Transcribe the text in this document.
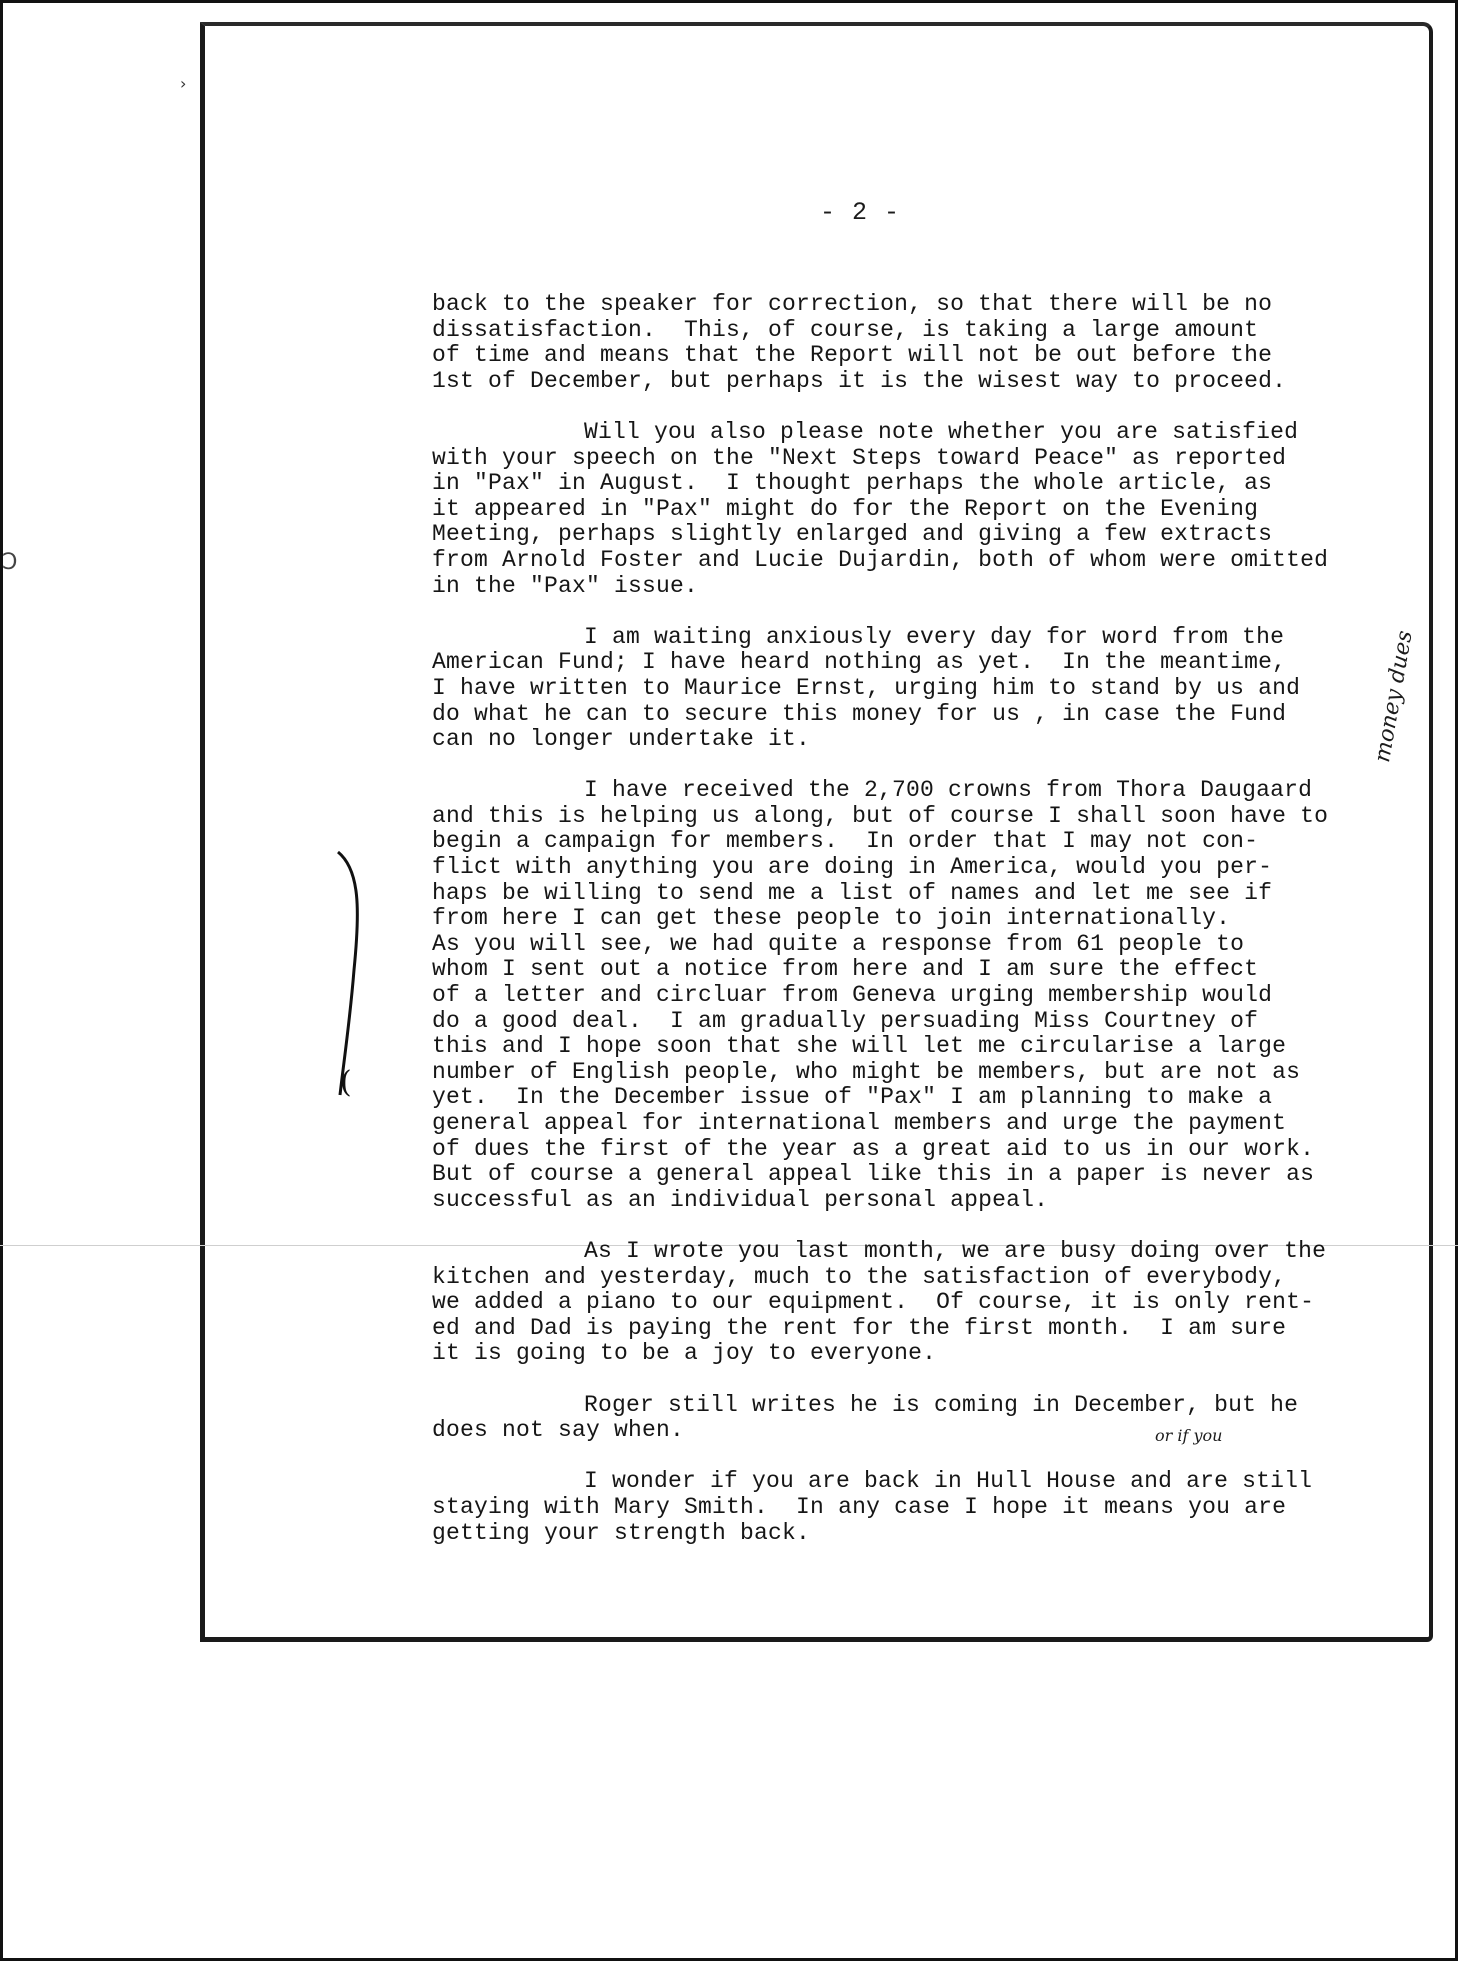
›
Ɔ
- 2 -
back to the speaker for correction, so that there will be no
dissatisfaction.  This, of course, is taking a large amount
of time and means that the Report will not be out before the
1st of December, but perhaps it is the wisest way to proceed.
Will you also please note whether you are satisfied
with your speech on the "Next Steps toward Peace" as reported
in "Pax" in August.  I thought perhaps the whole article, as
it appeared in "Pax" might do for the Report on the Evening
Meeting, perhaps slightly enlarged and giving a few extracts
from Arnold Foster and Lucie Dujardin, both of whom were omitted
in the "Pax" issue.
I am waiting anxiously every day for word from the
American Fund; I have heard nothing as yet.  In the meantime,
I have written to Maurice Ernst, urging him to stand by us and
do what he can to secure this money for us , in case the Fund
can no longer undertake it.
I have received the 2,700 crowns from Thora Daugaard
and this is helping us along, but of course I shall soon have to
begin a campaign for members.  In order that I may not con-
flict with anything you are doing in America, would you per-
haps be willing to send me a list of names and let me see if
from here I can get these people to join internationally.
As you will see, we had quite a response from 61 people to
whom I sent out a notice from here and I am sure the effect
of a letter and circluar from Geneva urging membership would
do a good deal.  I am gradually persuading Miss Courtney of
this and I hope soon that she will let me circularise a large
number of English people, who might be members, but are not as
yet.  In the December issue of "Pax" I am planning to make a
general appeal for international members and urge the payment
of dues the first of the year as a great aid to us in our work.
But of course a general appeal like this in a paper is never as
successful as an individual personal appeal.
As I wrote you last month, we are busy doing over the
kitchen and yesterday, much to the satisfaction of everybody,
we added a piano to our equipment.  Of course, it is only rent-
ed and Dad is paying the rent for the first month.  I am sure
it is going to be a joy to everyone.
Roger still writes he is coming in December, but he
does not say when.
I wonder if you are back in Hull House and are still
staying with Mary Smith.  In any case I hope it means you are
getting your strength back.
(
money dues
or if you
